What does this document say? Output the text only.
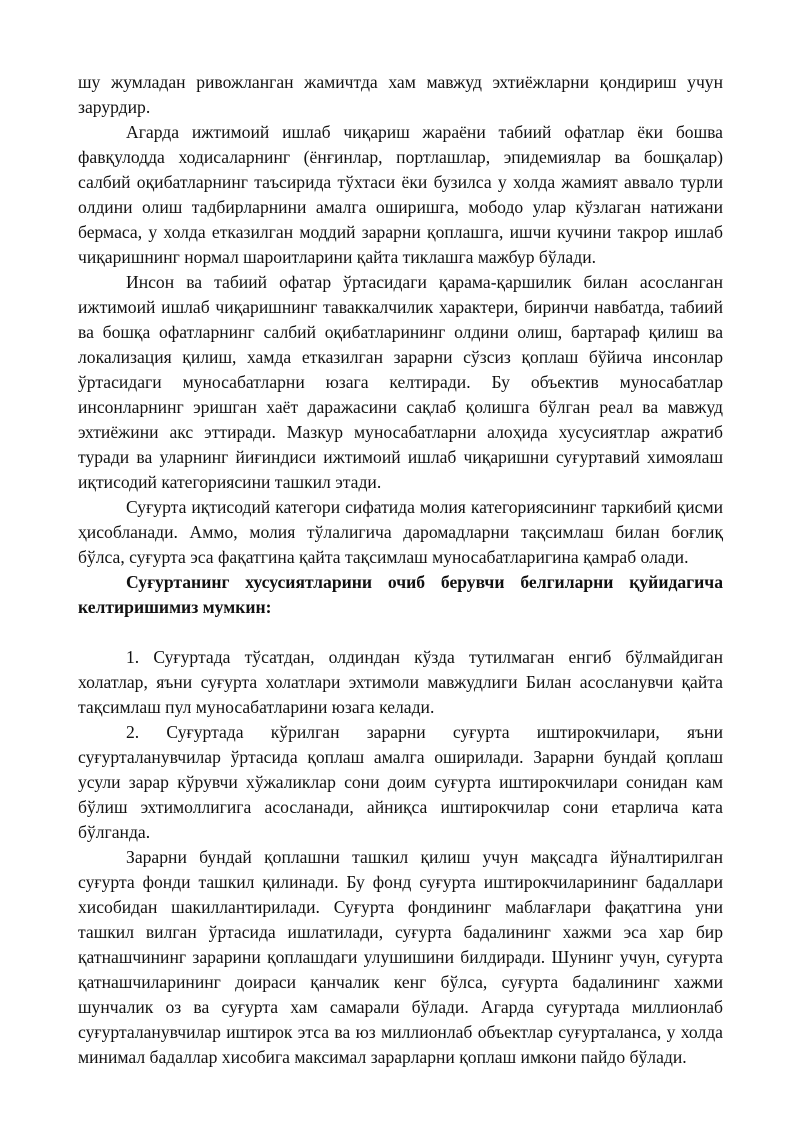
шу жумладан ривожланган жамичтда хам мавжуд эхтиёжларни қондириш учун зарурдир.

Агарда ижтимоий ишлаб чиқариш жараёни табиий офатлар ёки бошва фавқулодда ходисаларнинг (ёнғинлар, портлашлар, эпидемиялар ва бошқалар) салбий оқибатларнинг таъсирида тўхтаси ёки бузилса у холда жамият аввало турли олдини олиш тадбирларнини амалга оширишга, мободо улар кўзлаган натижани бермаса, у холда етказилган моддий зарарни қоплашга, ишчи кучини такрор ишлаб чиқаришнинг нормал шароитларини қайта тиклашга мажбур бўлади.

Инсон ва табиий офатар ўртасидаги қарама-қаршилик билан асосланган ижтимоий ишлаб чиқаришнинг таваккалчилик характери, биринчи навбатда, табиий ва бошқа офатларнинг салбий оқибатларининг олдини олиш, бартараф қилиш ва локализация қилиш, хамда етказилган зарарни сўзсиз қоплаш бўйича инсонлар ўртасидаги муносабатларни юзага келтиради. Бу объектив муносабатлар инсонларнинг эришган хаёт даражасини сақлаб қолишга бўлган реал ва мавжуд эхтиёжини акс эттиради. Мазкур муносабатларни алоҳида хусусиятлар ажратиб туради ва уларнинг йиғиндиси ижтимоий ишлаб чиқаришни суғуртавий химоялаш иқтисодий категориясини ташкил этади.

Суғурта иқтисодий категори сифатида молия категориясининг таркибий қисми ҳисобланади. Аммо, молия тўлалигича даромадларни тақсимлаш билан боғлиқ бўлса, суғурта эса фақатгина қайта тақсимлаш муносабатларигина қамраб олади.

Суғуртанинг хусусиятларини очиб берувчи белгиларни қуйидагича келтиришимиз мумкин:

1. Суғуртада тўсатдан, олдиндан кўзда тутилмаган енгиб бўлмайдиган холатлар, яъни суғурта холатлари эхтимоли мавжудлиги Билан асосланувчи қайта тақсимлаш пул муносабатларини юзага келади.

2. Суғуртада кўрилган зарарни суғурта иштирокчилари, яъни суғурталанувчилар ўртасида қоплаш амалга оширилади. Зарарни бундай қоплаш усули зарар кўрувчи хўжаликлар сони доим суғурта иштирокчилари сонидан кам бўлиш эхтимоллигига асосланади, айниқса иштирокчилар сони етарлича ката бўлганда.

Зарарни бундай қоплашни ташкил қилиш учун мақсадга йўналтирилган суғурта фонди ташкил қилинади. Бу фонд суғурта иштирокчиларининг бадаллари хисобидан шакиллантирилади. Суғурта фондининг маблағлари фақатгина уни ташкил вилган ўртасида ишлатилади, суғурта бадалининг хажми эса хар бир қатнашчининг зарарини қоплашдаги улушишини билдиради. Шунинг учун, суғурта қатнашчиларининг доираси қанчалик кенг бўлса, суғурта бадалининг хажми шунчалик оз ва суғурта хам самарали бўлади. Агарда суғуртада миллионлаб суғурталанувчилар иштирок этса ва юз миллионлаб объектлар суғурталанса, у холда минимал бадаллар хисобига максимал зарарларни қоплаш имкони пайдо бўлади.
